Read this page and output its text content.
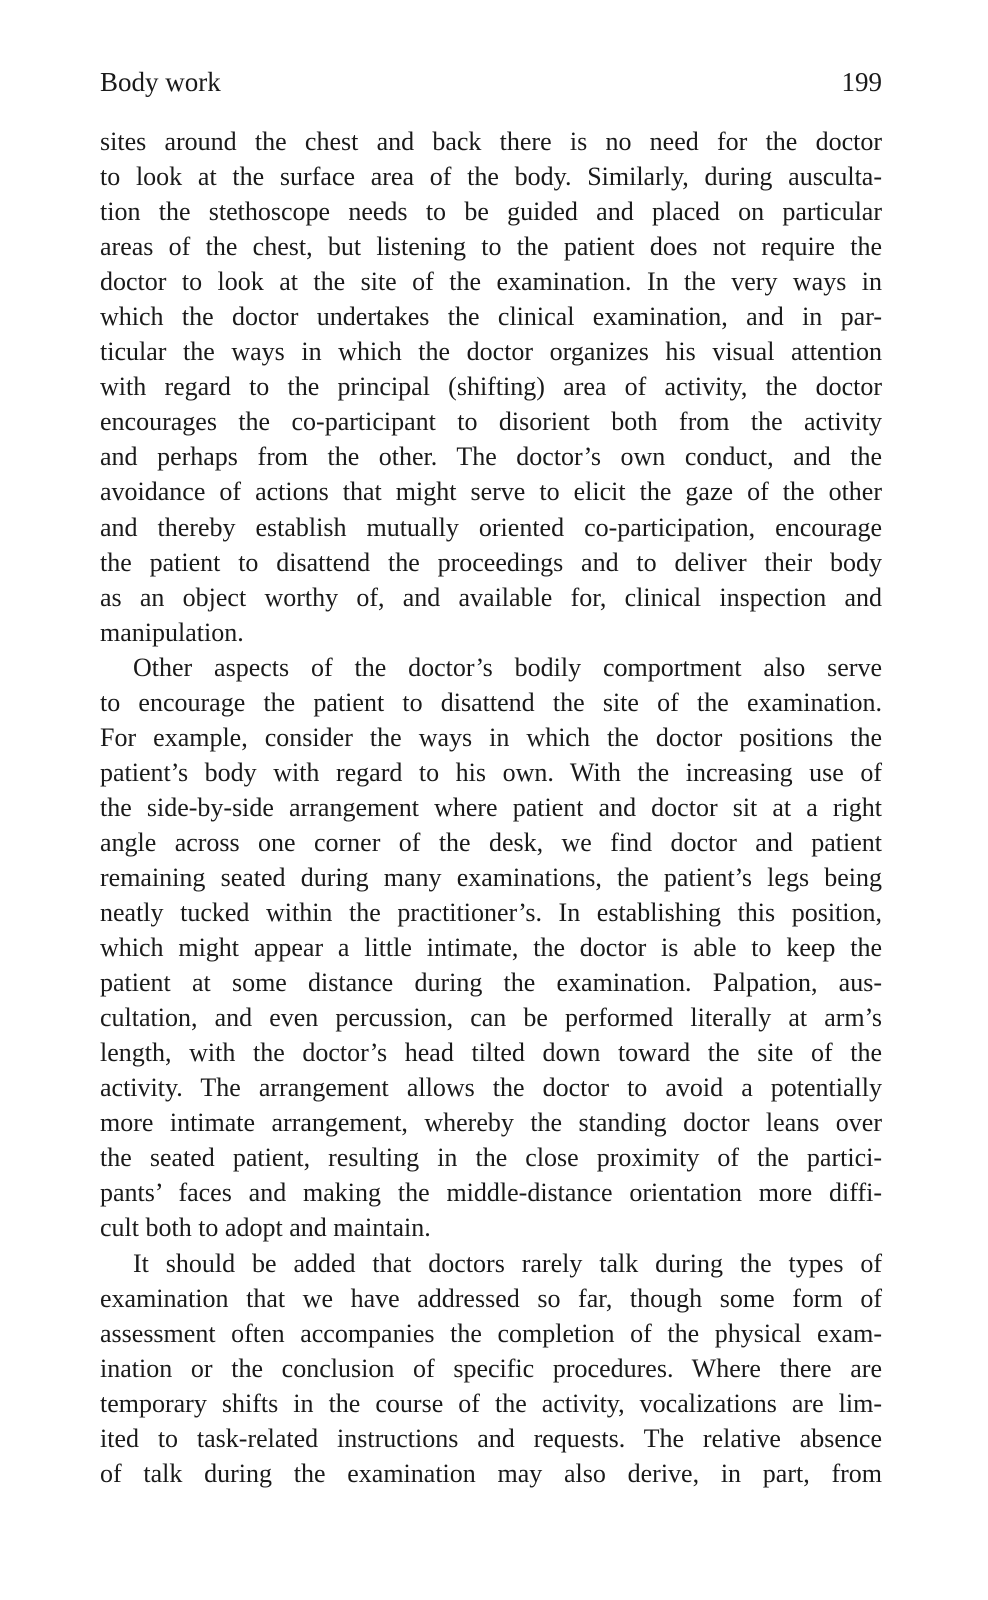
Body work	199
sites around the chest and back there is no need for the doctor
to look at the surface area of the body. Similarly, during ausculta-
tion the stethoscope needs to be guided and placed on particular
areas of the chest, but listening to the patient does not require the
doctor to look at the site of the examination. In the very ways in
which the doctor undertakes the clinical examination, and in par-
ticular the ways in which the doctor organizes his visual attention
with regard to the principal (shifting) area of activity, the doctor
encourages the co-participant to disorient both from the activity
and perhaps from the other. The doctor’s own conduct, and the
avoidance of actions that might serve to elicit the gaze of the other
and thereby establish mutually oriented co-participation, encourage
the patient to disattend the proceedings and to deliver their body
as an object worthy of, and available for, clinical inspection and
manipulation.
Other aspects of the doctor’s bodily comportment also serve
to encourage the patient to disattend the site of the examination.
For example, consider the ways in which the doctor positions the
patient’s body with regard to his own. With the increasing use of
the side-by-side arrangement where patient and doctor sit at a right
angle across one corner of the desk, we find doctor and patient
remaining seated during many examinations, the patient’s legs being
neatly tucked within the practitioner’s. In establishing this position,
which might appear a little intimate, the doctor is able to keep the
patient at some distance during the examination. Palpation, aus-
cultation, and even percussion, can be performed literally at arm’s
length, with the doctor’s head tilted down toward the site of the
activity. The arrangement allows the doctor to avoid a potentially
more intimate arrangement, whereby the standing doctor leans over
the seated patient, resulting in the close proximity of the partici-
pants’ faces and making the middle-distance orientation more diffi-
cult both to adopt and maintain.
It should be added that doctors rarely talk during the types of
examination that we have addressed so far, though some form of
assessment often accompanies the completion of the physical exam-
ination or the conclusion of specific procedures. Where there are
temporary shifts in the course of the activity, vocalizations are lim-
ited to task-related instructions and requests. The relative absence
of talk during the examination may also derive, in part, from
